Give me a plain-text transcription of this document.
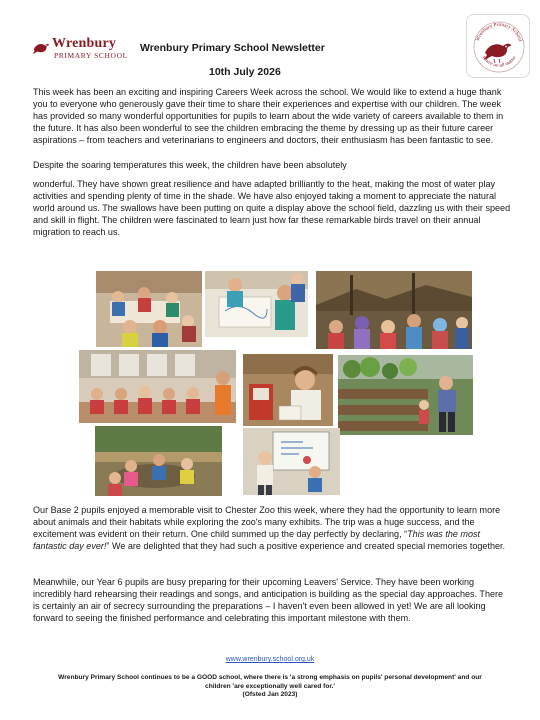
Wrenbury
PRIMARY SCHOOL
Wrenbury Primary School Newsletter
10th July 2026
Wrenbury Primary School
Where we all matter

This week has been an exciting and inspiring Careers Week across the school. We would like to extend a huge thank you to everyone who generously gave their time to share their experiences and expertise with our children. The week has provided so many wonderful opportunities for pupils to learn about the wide variety of careers available to them in the future. It has also been wonderful to see the children embracing the theme by dressing up as their future career aspirations – from teachers and veterinarians to engineers and doctors, their enthusiasm has been fantastic to see.

Despite the soaring temperatures this week, the children have been absolutely

wonderful. They have shown great resilience and have adapted brilliantly to the heat, making the most of water play activities and spending plenty of time in the shade. We have also enjoyed taking a moment to appreciate the natural world around us. The swallows have been putting on quite a display above the school field, dazzling us with their speed and skill in flight. The children were fascinated to learn just how far these remarkable birds travel on their annual migration to reach us.

Our Base 2 pupils enjoyed a memorable visit to Chester Zoo this week, where they had the opportunity to learn more about animals and their habitats while exploring the zoo's many exhibits. The trip was a huge success, and the excitement was evident on their return. One child summed up the day perfectly by declaring, “This was the most fantastic day ever!” We are delighted that they had such a positive experience and created special memories together.

Meanwhile, our Year 6 pupils are busy preparing for their upcoming Leavers' Service. They have been working incredibly hard rehearsing their readings and songs, and anticipation is building as the special day approaches. There is certainly an air of secrecy surrounding the preparations – I haven't even been allowed in yet! We are all looking forward to seeing the finished performance and celebrating this important milestone with them.

www.wrenbury.school.org.uk
Wrenbury Primary School continues to be a GOOD school, where there is 'a strong emphasis on pupils' personal development' and our
children 'are exceptionally well cared for.'
(Ofsted Jan 2023)
